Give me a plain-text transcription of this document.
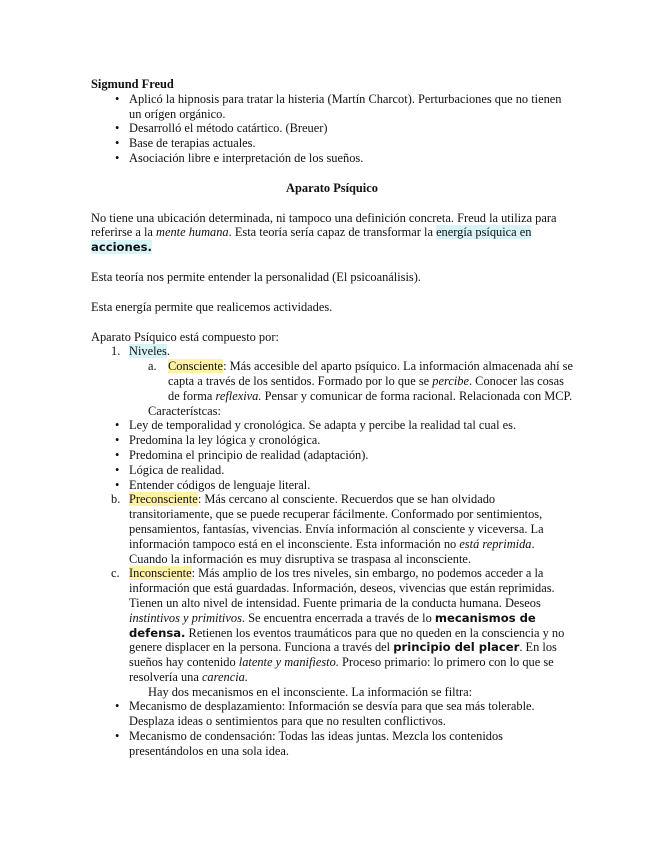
Sigmund Freud
•
Aplicó la hipnosis para tratar la histeria (Martín Charcot). Perturbaciones que no tienen un orígen orgánico.
•
Desarrolló el método catártico. (Breuer)
•
Base de terapias actuales.
•
Asociación libre e interpretación de los sueños.
Aparato Psíquico
No tiene una ubicación determinada, ni tampoco una definición concreta. Freud la utiliza para referirse a la mente humana. Esta teoría sería capaz de transformar la energía psíquica en acciones.
Esta teoría nos permite entender la personalidad (El psicoanálisis).
Esta energía permite que realicemos actividades.
Aparato Psíquico está compuesto por:
1. Niveles.
a. Consciente: Más accesible del aparto psíquico. La información almacenada ahí se capta a través de los sentidos. Formado por lo que se percibe. Conocer las cosas de forma reflexiva. Pensar y comunicar de forma racional. Relacionada con MCP.
Característcas:
•
Ley de temporalidad y cronológica. Se adapta y percibe la realidad tal cual es.
•
Predomina la ley lógica y cronológica.
•
Predomina el principio de realidad (adaptación).
•
Lógica de realidad.
•
Entender códigos de lenguaje literal.
b. Preconsciente: Más cercano al consciente. Recuerdos que se han olvidado transitoriamente, que se puede recuperar fácilmente. Conformado por sentimientos, pensamientos, fantasías, vivencias. Envía información al consciente y viceversa. La información tampoco está en el inconsciente. Esta información no está reprimida. Cuando la información es muy disruptiva se traspasa al inconsciente.
c. Inconsciente: Más amplio de los tres niveles, sin embargo, no podemos acceder a la información que está guardadas. Información, deseos, vivencias que están reprimidas. Tienen un alto nivel de intensidad. Fuente primaria de la conducta humana. Deseos instintivos y primitivos. Se encuentra encerrada a través de lo mecanismos de defensa. Retienen los eventos traumáticos para que no queden en la consciencia y no genere displacer en la persona. Funciona a través del principio del placer. En los sueños hay contenido latente y manifiesto. Proceso primario: lo primero con lo que se resolvería una carencia.
Hay dos mecanismos en el inconsciente. La información se filtra:
•
Mecanismo de desplazamiento: Información se desvía para que sea más tolerable. Desplaza ideas o sentimientos para que no resulten conflictivos.
•
Mecanismo de condensación: Todas las ideas juntas. Mezcla los contenidos presentándolos en una sola idea.
